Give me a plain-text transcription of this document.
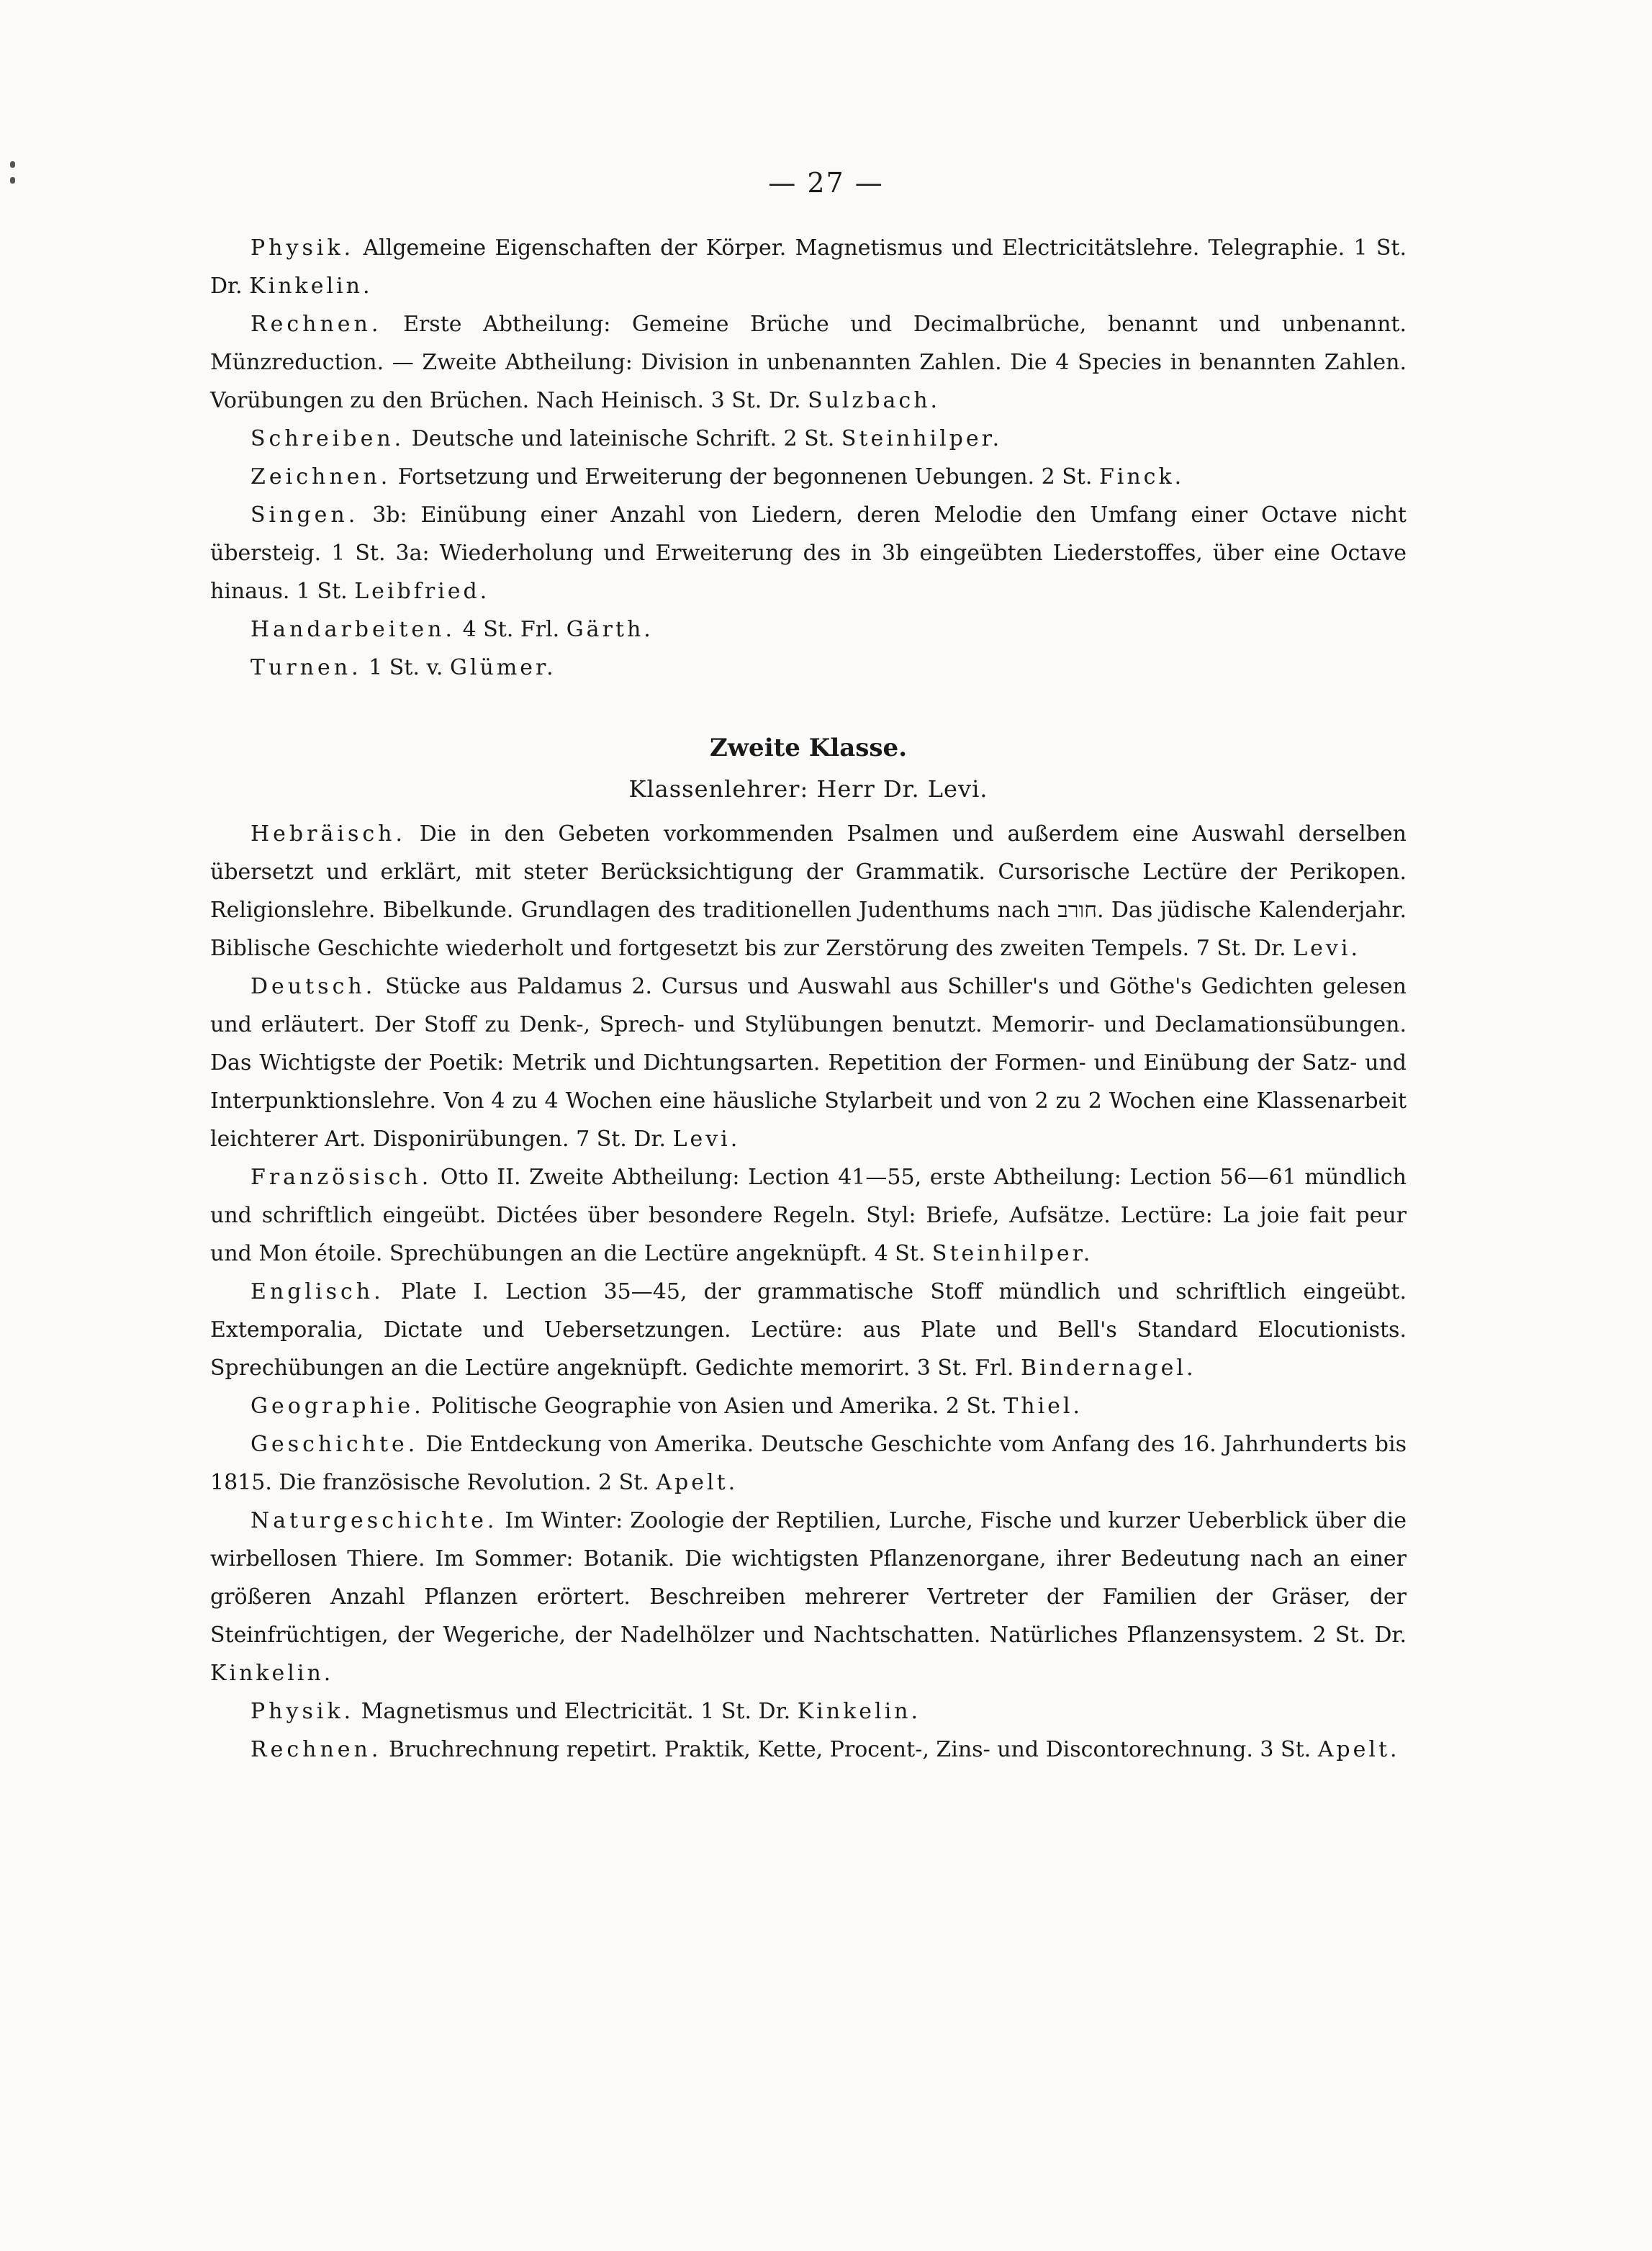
— 27 —

Physik. Allgemeine Eigenschaften der Körper. Magnetismus und Electricitätslehre. Telegraphie. 1 St. Dr. Kinkelin.

Rechnen. Erste Abtheilung: Gemeine Brüche und Decimalbrüche, benannt und unbenannt. Münzreduction. — Zweite Abtheilung: Division in unbenannten Zahlen. Die 4 Species in benannten Zahlen. Vorübungen zu den Brüchen. Nach Heinisch. 3 St. Dr. Sulzbach.

Schreiben. Deutsche und lateinische Schrift. 2 St. Steinhilper.

Zeichnen. Fortsetzung und Erweiterung der begonnenen Uebungen. 2 St. Finck.

Singen. 3b: Einübung einer Anzahl von Liedern, deren Melodie den Umfang einer Octave nicht übersteig. 1 St. 3a: Wiederholung und Erweiterung des in 3b eingeübten Liederstoffes, über eine Octave hinaus. 1 St. Leibfried.

Handarbeiten. 4 St. Frl. Gärth.

Turnen. 1 St. v. Glümer.

Zweite Klasse.
Klassenlehrer: Herr Dr. Levi.

Hebräisch. Die in den Gebeten vorkommenden Psalmen und außerdem eine Auswahl derselben übersetzt und erklärt, mit steter Berücksichtigung der Grammatik. Cursorische Lectüre der Perikopen. Religionslehre. Bibelkunde. Grundlagen des traditionellen Judenthums nach חורב. Das jüdische Kalenderjahr. Biblische Geschichte wiederholt und fortgesetzt bis zur Zerstörung des zweiten Tempels. 7 St. Dr. Levi.

Deutsch. Stücke aus Paldamus 2. Cursus und Auswahl aus Schiller's und Göthe's Gedichten gelesen und erläutert. Der Stoff zu Denk-, Sprech- und Stylübungen benutzt. Memorir- und Declamationsübungen. Das Wichtigste der Poetik: Metrik und Dichtungsarten. Repetition der Formen- und Einübung der Satz- und Interpunktionslehre. Von 4 zu 4 Wochen eine häusliche Stylarbeit und von 2 zu 2 Wochen eine Klassenarbeit leichterer Art. Disponirübungen. 7 St. Dr. Levi.

Französisch. Otto II. Zweite Abtheilung: Lection 41—55, erste Abtheilung: Lection 56—61 mündlich und schriftlich eingeübt. Dictées über besondere Regeln. Styl: Briefe, Aufsätze. Lectüre: La joie fait peur und Mon étoile. Sprechübungen an die Lectüre angeknüpft. 4 St. Steinhilper.

Englisch. Plate I. Lection 35—45, der grammatische Stoff mündlich und schriftlich eingeübt. Extemporalia, Dictate und Uebersetzungen. Lectüre: aus Plate und Bell's Standard Elocutionists. Sprechübungen an die Lectüre angeknüpft. Gedichte memorirt. 3 St. Frl. Bindernagel.

Geographie. Politische Geographie von Asien und Amerika. 2 St. Thiel.

Geschichte. Die Entdeckung von Amerika. Deutsche Geschichte vom Anfang des 16. Jahrhunderts bis 1815. Die französische Revolution. 2 St. Apelt.

Naturgeschichte. Im Winter: Zoologie der Reptilien, Lurche, Fische und kurzer Ueberblick über die wirbellosen Thiere. Im Sommer: Botanik. Die wichtigsten Pflanzenorgane, ihrer Bedeutung nach an einer größeren Anzahl Pflanzen erörtert. Beschreiben mehrerer Vertreter der Familien der Gräser, der Steinfrüchtigen, der Wegeriche, der Nadelhölzer und Nachtschatten. Natürliches Pflanzensystem. 2 St. Dr. Kinkelin.

Physik. Magnetismus und Electricität. 1 St. Dr. Kinkelin.

Rechnen. Bruchrechnung repetirt. Praktik, Kette, Procent-, Zins- und Discontorechnung. 3 St. Apelt.
